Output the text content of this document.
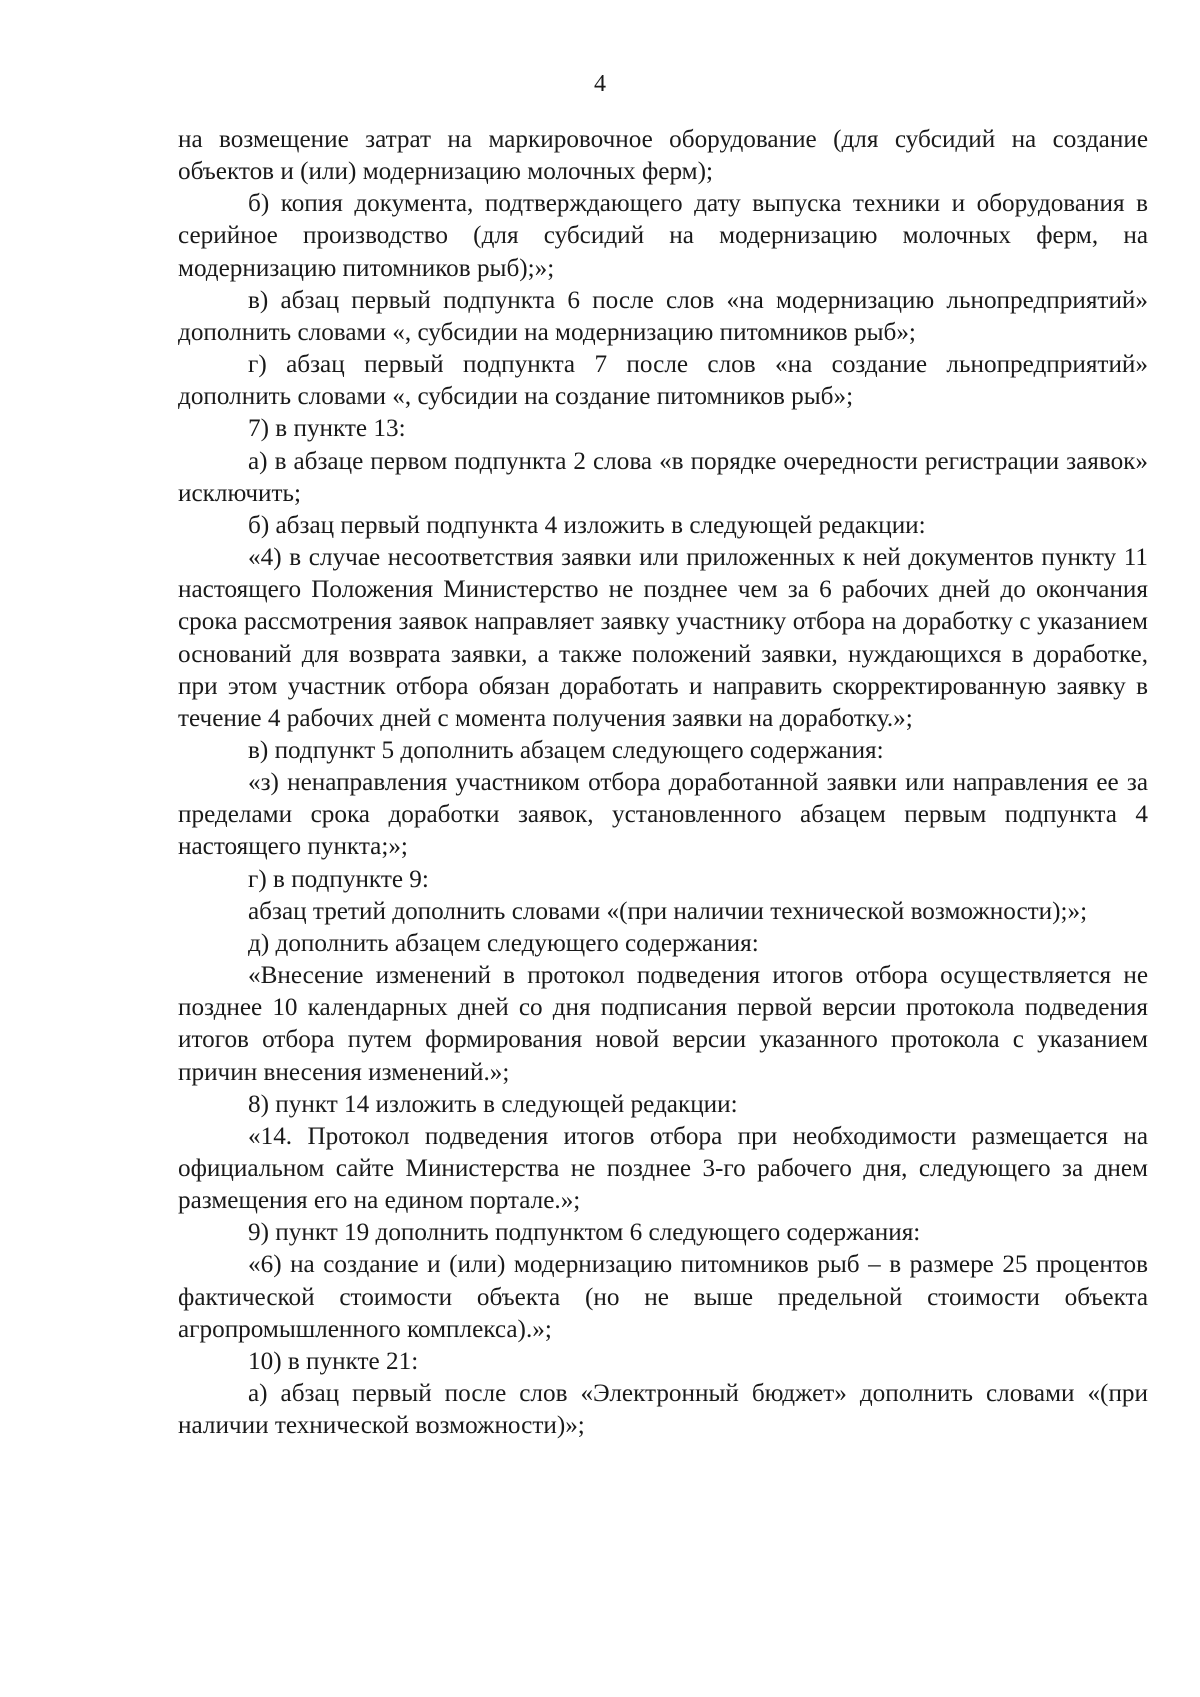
4

на возмещение затрат на маркировочное оборудование (для субсидий на создание объектов и (или) модернизацию молочных ферм);

б) копия документа, подтверждающего дату выпуска техники и оборудования в серийное производство (для субсидий на модернизацию молочных ферм, на модернизацию питомников рыб);»;

в) абзац первый подпункта 6 после слов «на модернизацию льнопредприятий» дополнить словами «, субсидии на модернизацию питомников рыб»;

г) абзац первый подпункта 7 после слов «на создание льнопредприятий» дополнить словами «, субсидии на создание питомников рыб»;

7) в пункте 13:

а) в абзаце первом подпункта 2 слова «в порядке очередности регистрации заявок» исключить;

б) абзац первый подпункта 4 изложить в следующей редакции:

«4) в случае несоответствия заявки или приложенных к ней документов пункту 11 настоящего Положения Министерство не позднее чем за 6 рабочих дней до окончания срока рассмотрения заявок направляет заявку участнику отбора на доработку с указанием оснований для возврата заявки, а также положений заявки, нуждающихся в доработке, при этом участник отбора обязан доработать и направить скорректированную заявку в течение 4 рабочих дней с момента получения заявки на доработку.»;

в) подпункт 5 дополнить абзацем следующего содержания:

«з) ненаправления участником отбора доработанной заявки или направления ее за пределами срока доработки заявок, установленного абзацем первым подпункта 4 настоящего пункта;»;

г) в подпункте 9:

абзац третий дополнить словами «(при наличии технической возможности);»;

д) дополнить абзацем следующего содержания:

«Внесение изменений в протокол подведения итогов отбора осуществляется не позднее 10 календарных дней со дня подписания первой версии протокола подведения итогов отбора путем формирования новой версии указанного протокола с указанием причин внесения изменений.»;

8) пункт 14 изложить в следующей редакции:

«14. Протокол подведения итогов отбора при необходимости размещается на официальном сайте Министерства не позднее 3-го рабочего дня, следующего за днем размещения его на едином портале.»;

9) пункт 19 дополнить подпунктом 6 следующего содержания:

«6) на создание и (или) модернизацию питомников рыб – в размере 25 процентов фактической стоимости объекта (но не выше предельной стоимости объекта агропромышленного комплекса).»;

10) в пункте 21:

а) абзац первый после слов «Электронный бюджет» дополнить словами «(при наличии технической возможности)»;
